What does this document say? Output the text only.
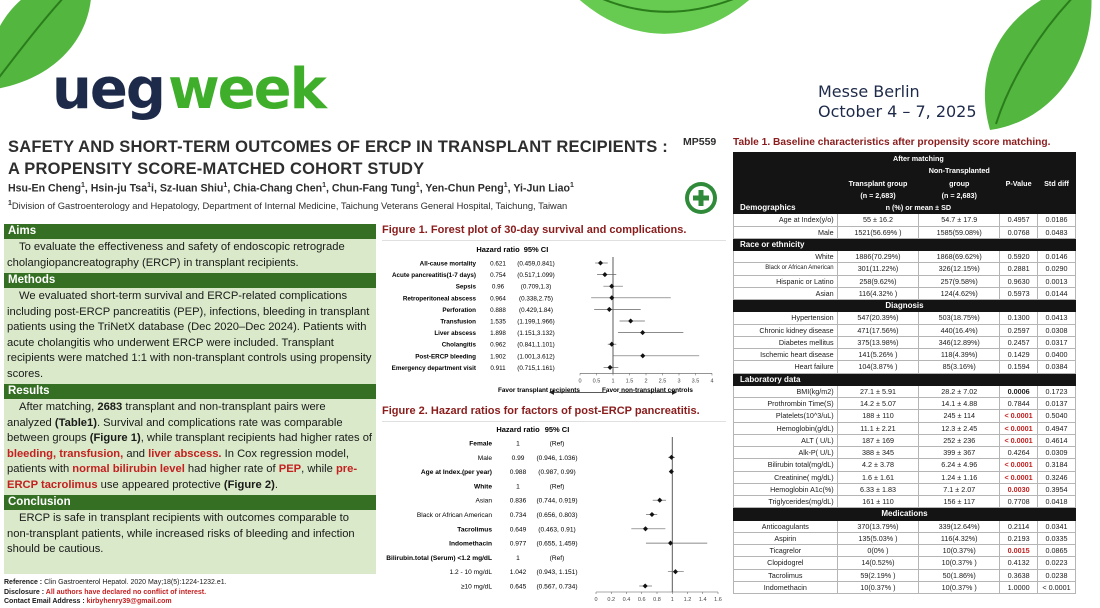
uegweek	Messe Berlin
October 4 – 7, 2025
SAFETY AND SHORT-TERM OUTCOMES OF ERCP IN TRANSPLANT RECIPIENTS :
A PROPENSITY SCORE-MATCHED COHORT STUDY
MP559
Hsu-En Cheng$^1$, Hsin-ju Tsa$^1$i, Sz-Iuan Shiu$^1$, Chia-Chang Chen$^1$, Chun-Fang Tung$^1$, Yen-Chun Peng$^1$, Yi-Jun Liao$^1$
$^1$Division of Gastroenterology and Hepatology, Department of Internal Medicine, Taichung Veterans General Hospital, Taichung, Taiwan
Aims
To evaluate the effectiveness and safety of endoscopic retrograde cholangiopancreatography (ERCP) in transplant recipients.
Methods
We evaluated short-term survival and ERCP-related complications including post-ERCP pancreatitis (PEP), infections, bleeding in transplant patients using the TriNetX database (Dec 2020–Dec 2024). Patients with acute cholangitis who underwent ERCP were included. Transplant recipients were matched 1:1 with non-transplant controls using propensity scores.
Results
After matching, 2683 transplant and non-transplant pairs were analyzed (Table1). Survival and complications rate was comparable between groups (Figure 1), while transplant recipients had higher rates of bleeding, transfusion, and liver abscess. In Cox regression model, patients with normal bilirubin level had higher rate of PEP, while pre-ERCP tacrolimus use appeared protective (Figure 2).
Conclusion
ERCP is safe in transplant recipients with outcomes comparable to non-transplant patients, while increased risks of bleeding and infection should be cautious.
Reference : Clin Gastroenterol Hepatol. 2020 May;18(5):1224-1232.e1.
Disclosure : All authors have declared no conflict of interest.
Contact Email Address : kirbyhenry39@gmail.com
Figure 1. Forest plot of 30-day survival and complications.
Hazard ratio 95% CI
0 0.5 1 1.5 2 2.5 3 3.5 4
All-cause mortality 0.621 (0.459,0.841)
Acute pancreatitis(1-7 days) 0.754 (0.517,1.099)
Sepsis	0.96	(0.709,1.3)
Retroperitoneal abscess 0.964 (0.338,2.75)
Perforation 0.888 (0.429,1.84)
Transfusion 1.535 (1.199,1.966)
Liver abscess 1.898 (1.151,3.132)
Cholangitis 0.962 (0.841,1.101)
Post-ERCP bleeding 1.902 (1.001,3.612)
Emergency department visit 0.911 (0.715,1.161)
Favor transplant recipients	Favor non-transplant controls
Figure 2. Hazard ratios for factors of post-ERCP pancreatitis.
Hazard ratio 95% CI
0 0.2 0.4 0.6 0.8 1 1.2 1.4 1.6
Female	1	(Ref)
Male	0.99 (0.946, 1.036)
Age at Index.(per year)	0.988 (0.987, 0.99)
White	1	(Ref)
Asian	0.836 (0.744, 0.919)
Black or African American	0.734 (0.656, 0.803)
Tacrolimus	0.649 (0.463, 0.91)
Indomethacin	0.977 (0.655, 1.459)
Bilirubin.total (Serum) <1.2 mg/dL	1	(Ref)
1.2 - 10 mg/dL	1.042 (0.943, 1.151)
≥10 mg/dL	0.645 (0.567, 0.734)
Table 1. Baseline characteristics after propensity score matching.
	After matching			
		Non-Transplanted		
	Transplant group	group	P-Value	Std diff
	(n = 2,683)	(n = 2,683)		
Demographics	n (%) or mean ± SD			
Age at Index(y/o)	55 ± 16.2	54.7 ± 17.9	0.4957	0.0186
Male	1521(56.69% )	1585(59.08%)	0.0768	0.0483
Race or ethnicity				
White	1886(70.29%)	1868(69.62%)	0.5920	0.0146
Black or African American	301(11.22%)	326(12.15%)	0.2881	0.0290
Hispanic or Latino	258(9.62%)	257(9.58%)	0.9630	0.0013
Asian	116(4.32% )	124(4.62%)	0.5973	0.0144
Diagnosis				
Hypertension	547(20.39%)	503(18.75%)	0.1300	0.0413
Chronic kidney disease	471(17.56%)	440(16.4%)	0.2597	0.0308
Diabetes mellitus	375(13.98%)	346(12.89%)	0.2457	0.0317
Ischemic heart disease	141(5.26% )	118(4.39%)	0.1429	0.0400
Heart failure	104(3.87% )	85(3.16%)	0.1594	0.0384
Laboratory data				
BMI(kg/m2)	27.1 ± 5.91	28.2 ± 7.02	0.0006	0.1723
Prothrombin Time(S)	14.2 ± 5.07	14.1 ± 4.88	0.7844	0.0137
Platelets(10^3/uL)	188 ± 110	245 ± 114	< 0.0001	0.5040
Hemoglobin(g/dL)	11.1 ± 2.21	12.3 ± 2.45	< 0.0001	0.4947
ALT ( U/L)	187 ± 169	252 ± 236	< 0.0001	0.4614
Alk-P( U/L)	388 ± 345	399 ± 367	0.4264	0.0309
Bilirubin total(mg/dL)	4.2 ± 3.78	6.24 ± 4.96	< 0.0001	0.3184
Creatinine( mg/dL)	1.6 ± 1.61	1.24 ± 1.16	< 0.0001	0.3246
Hemoglobin A1c(%)	6.33 ± 1.83	7.1 ± 2.07	0.0030	0.3954
Triglycerides(mg/dL)	161 ± 110	156 ± 117	0.7708	0.0418
Medications				
Anticoagulants	370(13.79%)	339(12.64%)	0.2114	0.0341
Aspirin	135(5.03% )	116(4.32%)	0.2193	0.0335
Ticagrelor	0(0% )	10(0.37%)	0.0015	0.0865
Clopidogrel	14(0.52%)	10(0.37% )	0.4132	0.0223
Tacrolimus	59(2.19% )	50(1.86%)	0.3638	0.0238
Indomethacin	10(0.37% )	10(0.37% )	1.0000	< 0.0001
